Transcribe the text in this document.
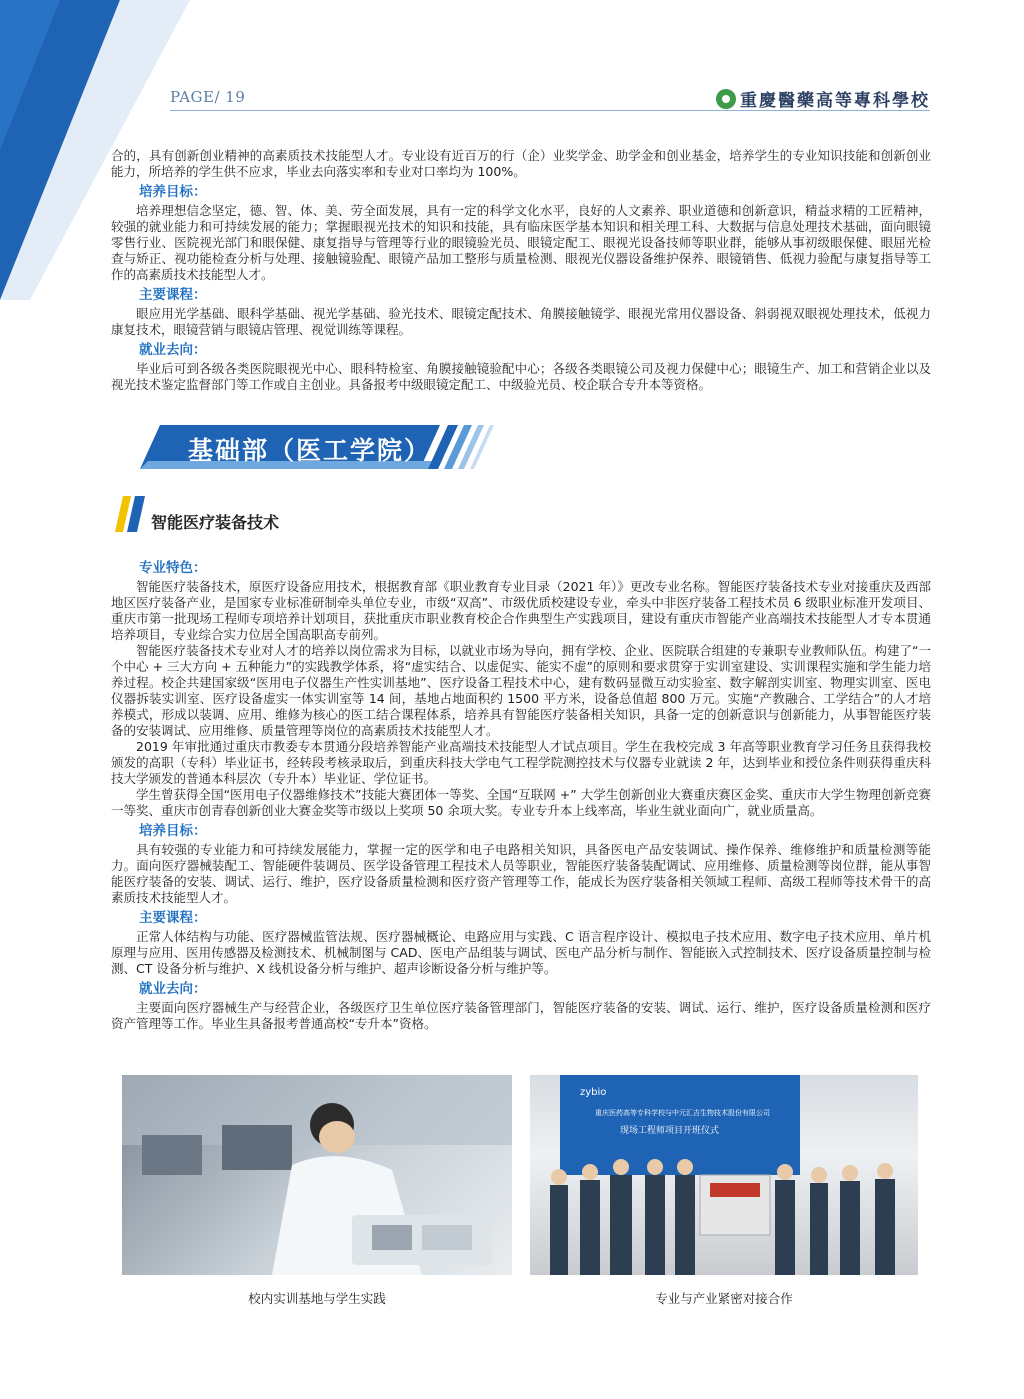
PAGE/ 19	重慶醫藥高等專科學校

合的，具有创新创业精神的高素质技术技能型人才。专业设有近百万的行（企）业奖学金、助学金和创业基金，培养学生的专业知识技能和创新创业能力，所培养的学生供不应求，毕业去向落实率和专业对口率均为 100%。

培养目标：

培养理想信念坚定，德、智、体、美、劳全面发展，具有一定的科学文化水平，良好的人文素养、职业道德和创新意识，精益求精的工匠精神，较强的就业能力和可持续发展的能力；掌握眼视光技术的知识和技能，具有临床医学基本知识和相关理工科、大数据与信息处理技术基础，面向眼镜零售行业、医院视光部门和眼保健、康复指导与管理等行业的眼镜验光员、眼镜定配工、眼视光设备技师等职业群，能够从事初级眼保健、眼屈光检查与矫正、视功能检查分析与处理、接触镜验配、眼镜产品加工整形与质量检测、眼视光仪器设备维护保养、眼镜销售、低视力验配与康复指导等工作的高素质技术技能型人才。

主要课程：

眼应用光学基础、眼科学基础、视光学基础、验光技术、眼镜定配技术、角膜接触镜学、眼视光常用仪器设备、斜弱视双眼视处理技术，低视力康复技术，眼镜营销与眼镜店管理、视觉训练等课程。

就业去向：

毕业后可到各级各类医院眼视光中心、眼科特检室、角膜接触镜验配中心；各级各类眼镜公司及视力保健中心；眼镜生产、加工和营销企业以及视光技术鉴定监督部门等工作或自主创业。具备报考中级眼镜定配工、中级验光员、校企联合专升本等资格。

基础部（医工学院）
智能医疗装备技术
专业特色：

智能医疗装备技术，原医疗设备应用技术，根据教育部《职业教育专业目录（2021 年）》更改专业名称。智能医疗装备技术专业对接重庆及西部地区医疗装备产业，是国家专业标准研制牵头单位专业，市级“双高”、市级优质校建设专业，牵头中非医疗装备工程技术员 6 级职业标准开发项目、重庆市第一批现场工程师专项培养计划项目，获批重庆市职业教育校企合作典型生产实践项目，建设有重庆市智能产业高端技术技能型人才专本贯通培养项目，专业综合实力位居全国高职高专前列。

智能医疗装备技术专业对人才的培养以岗位需求为目标，以就业市场为导向，拥有学校、企业、医院联合组建的专兼职专业教师队伍。构建了“一个中心 + 三大方向 + 五种能力”的实践教学体系，将“虚实结合、以虚促实、能实不虚”的原则和要求贯穿于实训室建设、实训课程实施和学生能力培养过程。校企共建国家级“医用电子仪器生产性实训基地”、医疗设备工程技术中心，建有数码显微互动实验室、数字解剖实训室、物理实训室、医电仪器拆装实训室、医疗设备虚实一体实训室等 14 间，基地占地面积约 1500 平方米，设备总值超 800 万元。实施“产教融合、工学结合”的人才培养模式，形成以装调、应用、维修为核心的医工结合课程体系，培养具有智能医疗装备相关知识，具备一定的创新意识与创新能力，从事智能医疗装备的安装调试、应用维修、质量管理等岗位的高素质技术技能型人才。

2019 年审批通过重庆市教委专本贯通分段培养智能产业高端技术技能型人才试点项目。学生在我校完成 3 年高等职业教育学习任务且获得我校颁发的高职（专科）毕业证书，经转段考核录取后，到重庆科技大学电气工程学院测控技术与仪器专业就读 2 年，达到毕业和授位条件则获得重庆科技大学颁发的普通本科层次（专升本）毕业证、学位证书。

学生曾获得全国“医用电子仪器维修技术”技能大赛团体一等奖、全国“互联网 +” 大学生创新创业大赛重庆赛区金奖、重庆市大学生物理创新竞赛一等奖、重庆市创青春创新创业大赛金奖等市级以上奖项 50 余项大奖。专业专升本上线率高，毕业生就业面向广，就业质量高。

培养目标：

具有较强的专业能力和可持续发展能力，掌握一定的医学和电子电路相关知识，具备医电产品安装调试、操作保养、维修维护和质量检测等能力。面向医疗器械装配工、智能硬件装调员、医学设备管理工程技术人员等职业，智能医疗装备装配调试、应用维修、质量检测等岗位群，能从事智能医疗装备的安装、调试、运行、维护，医疗设备质量检测和医疗资产管理等工作，能成长为医疗装备相关领域工程师、高级工程师等技术骨干的高素质技术技能型人才。

主要课程：

正常人体结构与功能、医疗器械监管法规、医疗器械概论、电路应用与实践、C 语言程序设计、模拟电子技术应用、数字电子技术应用、单片机原理与应用、医用传感器及检测技术、机械制图与 CAD、医电产品组装与调试、医电产品分析与制作、智能嵌入式控制技术、医疗设备质量控制与检测、CT 设备分析与维护、X 线机设备分析与维护、超声诊断设备分析与维护等。

就业去向：

主要面向医疗器械生产与经营企业，各级医疗卫生单位医疗装备管理部门，智能医疗装备的安装、调试、运行、维护，医疗设备质量检测和医疗资产管理等工作。毕业生具备报考普通高校“专升本”资格。

zybio
重庆医药高等专科学校与中元汇吉生物技术股份有限公司
现场工程师项目开班仪式
校内实训基地与学生实践	专业与产业紧密对接合作
